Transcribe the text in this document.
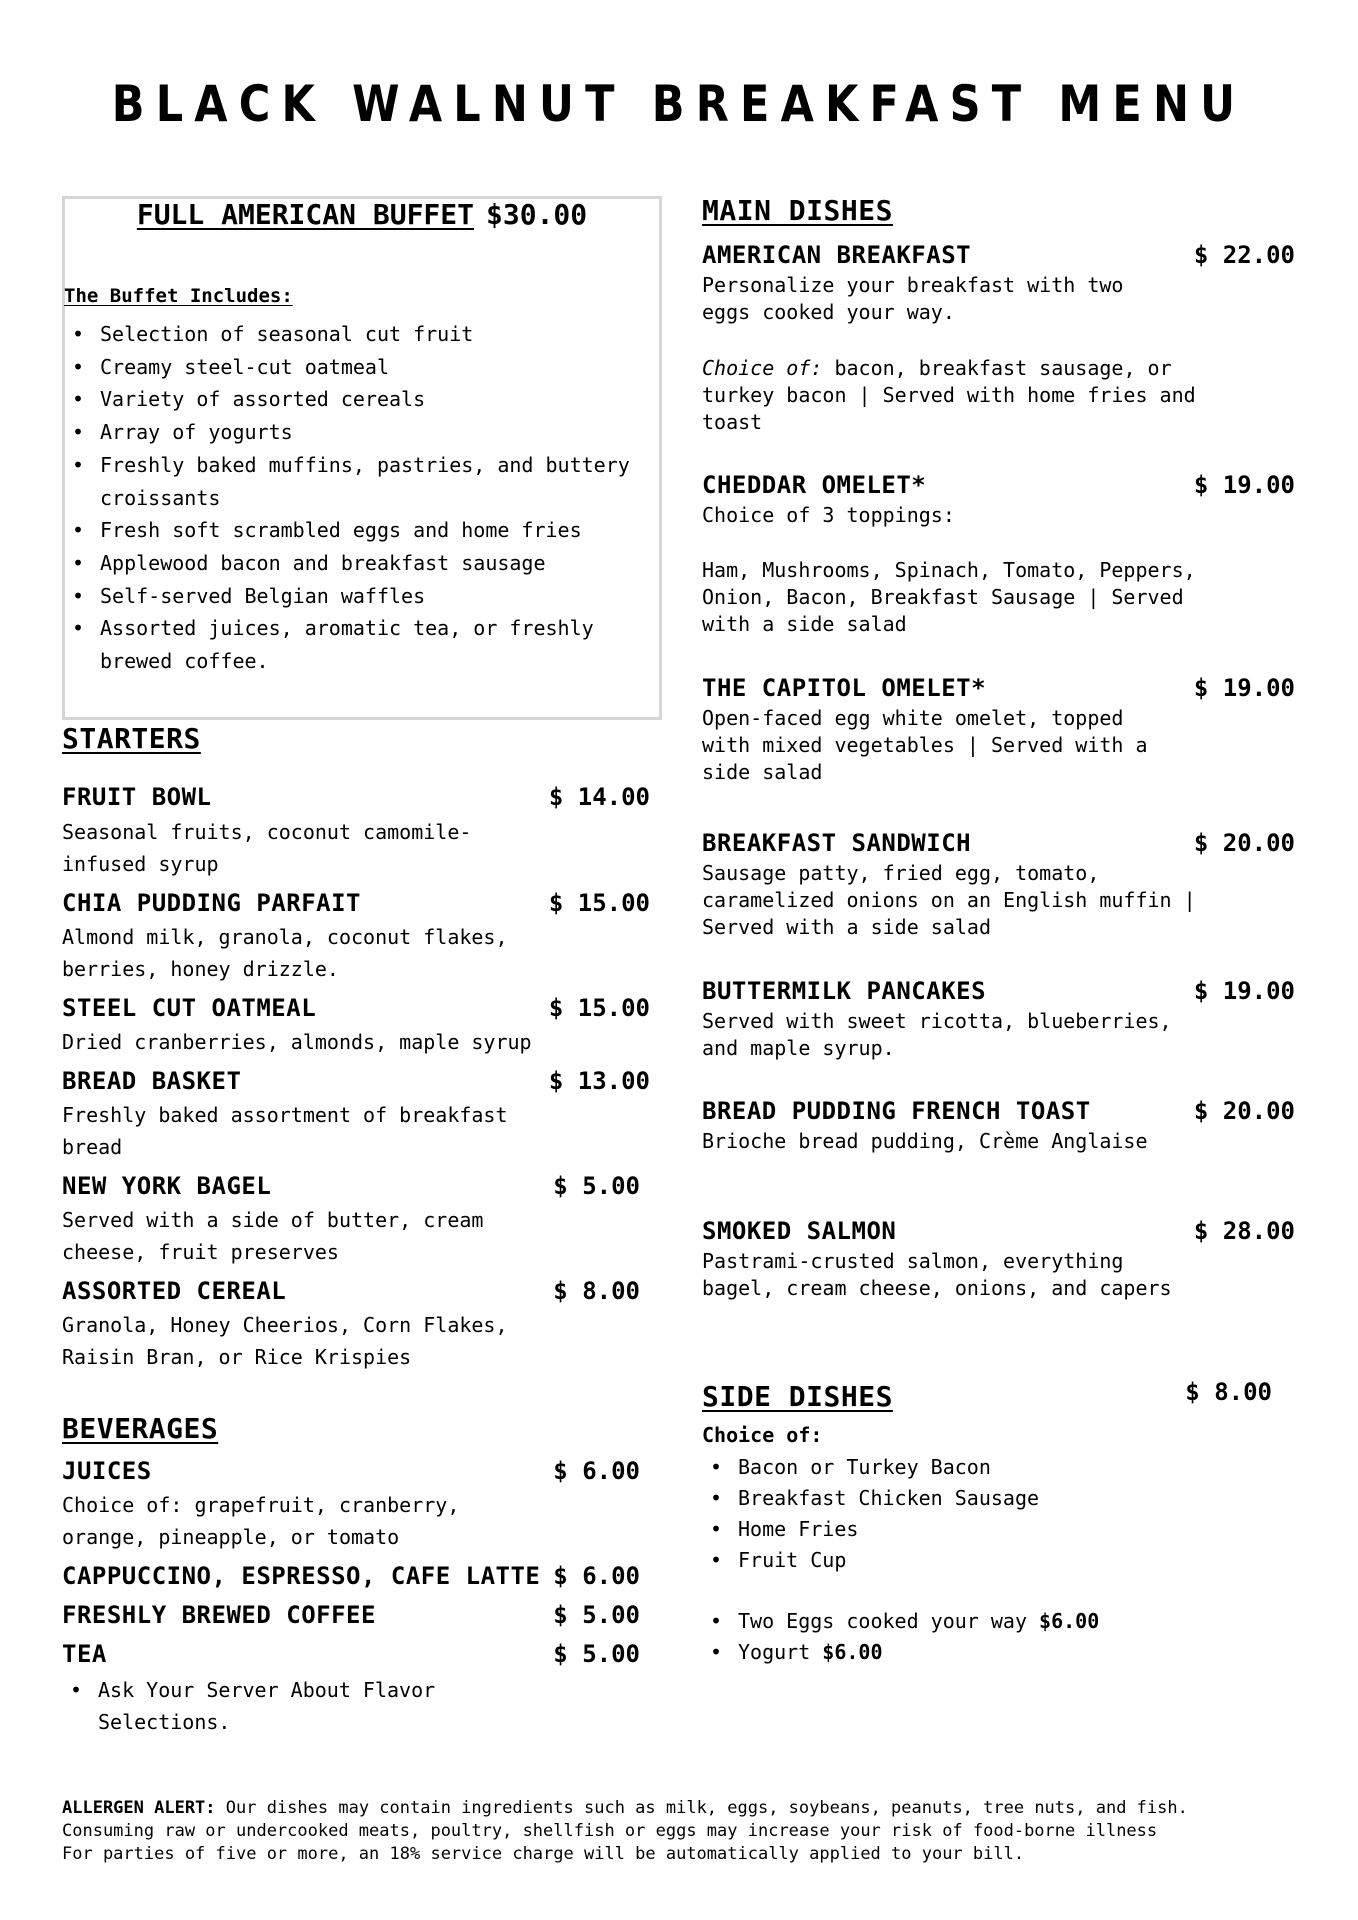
BLACK WALNUT BREAKFAST MENU
FULL AMERICAN BUFFET $30.00
The Buffet Includes:
• Selection of seasonal cut fruit
• Creamy steel-cut oatmeal
• Variety of assorted cereals
• Array of yogurts
• Freshly baked muffins, pastries, and buttery croissants
• Fresh soft scrambled eggs and home fries
• Applewood bacon and breakfast sausage
• Self-served Belgian waffles
• Assorted juices, aromatic tea, or freshly brewed coffee.
STARTERS
FRUIT BOWL	$ 14.00
Seasonal fruits, coconut camomile-infused syrup
CHIA PUDDING PARFAIT	$ 15.00
Almond milk, granola, coconut flakes, berries, honey drizzle.
STEEL CUT OATMEAL	$ 15.00
Dried cranberries, almonds, maple syrup
BREAD BASKET	$ 13.00
Freshly baked assortment of breakfast bread
NEW YORK BAGEL	$ 5.00
Served with a side of butter, cream cheese, fruit preserves
ASSORTED CEREAL	$ 8.00
Granola, Honey Cheerios, Corn Flakes, Raisin Bran, or Rice Krispies
BEVERAGES
JUICES	$ 6.00
Choice of: grapefruit, cranberry, orange, pineapple, or tomato
CAPPUCCINO, ESPRESSO, CAFE LATTE $ 6.00
FRESHLY BREWED COFFEE	$ 5.00
TEA	$ 5.00
• Ask Your Server About Flavor Selections.
MAIN DISHES
AMERICAN BREAKFAST	$ 22.00
Personalize your breakfast with two eggs cooked your way.
Choice of: bacon, breakfast sausage, or turkey bacon | Served with home fries and toast
CHEDDAR OMELET*	$ 19.00
Choice of 3 toppings:
Ham, Mushrooms, Spinach, Tomato, Peppers, Onion, Bacon, Breakfast Sausage | Served with a side salad
THE CAPITOL OMELET*	$ 19.00
Open-faced egg white omelet, topped with mixed vegetables | Served with a side salad
BREAKFAST SANDWICH	$ 20.00
Sausage patty, fried egg, tomato, caramelized onions on an English muffin | Served with a side salad
BUTTERMILK PANCAKES	$ 19.00
Served with sweet ricotta, blueberries, and maple syrup.
BREAD PUDDING FRENCH TOAST	$ 20.00
Brioche bread pudding, Crème Anglaise
SMOKED SALMON	$ 28.00
Pastrami-crusted salmon, everything bagel, cream cheese, onions, and capers
SIDE DISHES	$ 8.00
Choice of:
• Bacon or Turkey Bacon
• Breakfast Chicken Sausage
• Home Fries
• Fruit Cup
• Two Eggs cooked your way $6.00
• Yogurt $6.00
ALLERGEN ALERT: Our dishes may contain ingredients such as milk, eggs, soybeans, peanuts, tree nuts, and fish.
Consuming raw or undercooked meats, poultry, shellfish or eggs may increase your risk of food-borne illness
For parties of five or more, an 18% service charge will be automatically applied to your bill.
